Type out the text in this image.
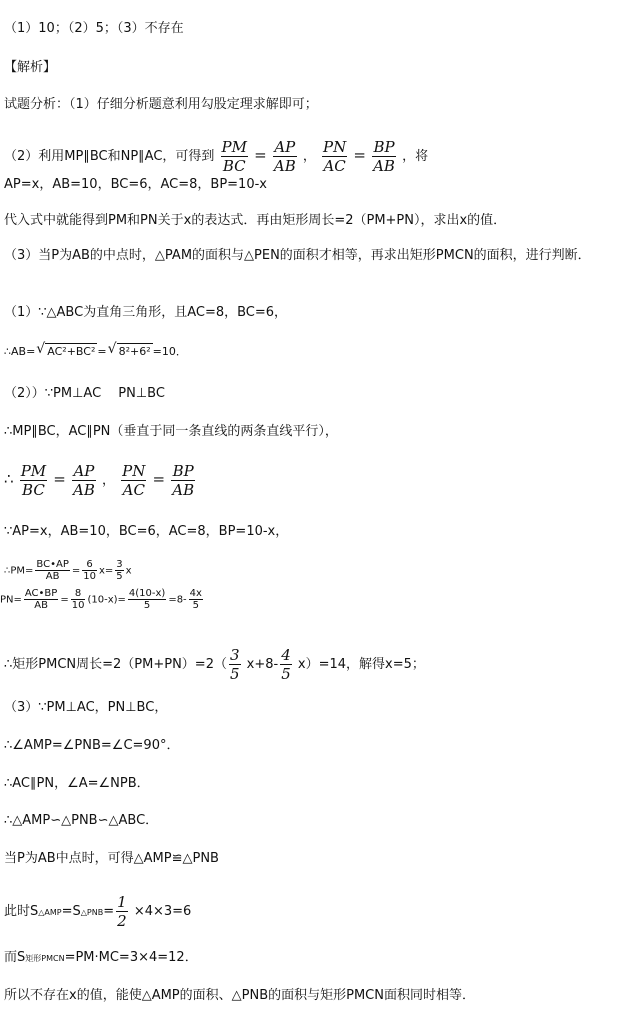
（1）10；（2）5；（3）不存在
【解析】
试题分析：（1）仔细分析题意利用勾股定理求解即可；
（2）利用MP∥BC和NP∥AC，可得到 $\frac{PM}{BC} = \frac{AP}{AB}$ ， $\frac{PN}{AC} = \frac{BP}{AB}$ ，将
AP=x，AB=10，BC=6，AC=8，BP=10-x
代入式中就能得到PM和PN关于x的表达式．再由矩形周长=2（PM+PN），求出x的值．
（3）当P为AB的中点时，△PAM的面积与△PEN的面积才相等，再求出矩形PMCN的面积，进行判断．
（1）∵△ABC为直角三角形，且AC=8，BC=6，
∴AB= √ AC²+BC² = √ 8²+6² =10．
（2））∵PM⊥AC　 PN⊥BC
∴MP∥BC，AC∥PN（垂直于同一条直线的两条直线平行），
∴ $\frac{PM}{BC} = \frac{AP}{AB}$ ， $\frac{PN}{AC} = \frac{BP}{AB}$
∵AP=x，AB=10，BC=6，AC=8，BP=10-x，
∴PM= $\frac{BC•AP}{AB} = \frac{6}{10} x= \frac{3}{5}$ x
$PN= \frac{AC•BP}{AB} = \frac{8}{10} (10-x)= \frac{4(10-x)}{5} =8- \frac{4x}{5}$
∴矩形PMCN周长$=2(PM+PN)=2( \frac{3}{5} x+8- \frac{4}{5} x)=14$，解得x=5；
（3）∵PM⊥AC，PN⊥BC，
∴∠AMP=∠PNB=∠C=90°．
∴AC∥PN，∠A=∠NPB．
∴△AMP∽△PNB∽△ABC．
当P为AB中点时，可得△AMP≌△PNB
此时S△AMP=S△PNB= $\frac{1}{2} \times 4\times 3=6$
而S矩形PMCN=PM·MC=3×4=12．
所以不存在x的值，能使△AMP的面积、△PNB的面积与矩形PMCN面积同时相等．
